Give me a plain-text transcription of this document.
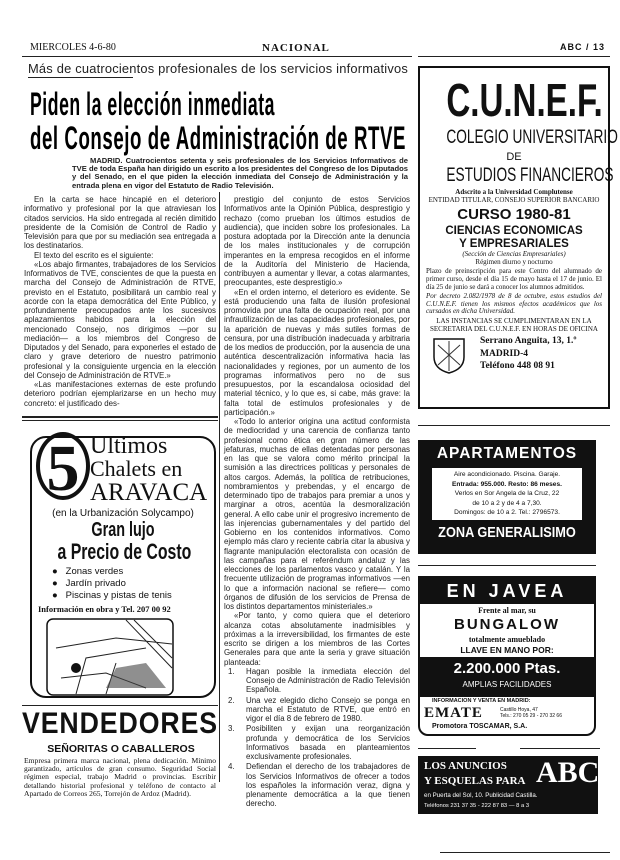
MIERCOLES 4-6-80	NACIONAL	ABC / 13
Más de cuatrocientos profesionales de los servicios informativos
Piden la elección inmediata
del Consejo de Administración de RTVE
MADRID. Cuatrocientos setenta y seis profesionales de los Servicios Informativos de TVE de toda España han dirigido un escrito a los presidentes del Congreso de los Diputados y del Senado, en el que piden la elección inmediata del Consejo de Administración y la entrada plena en vigor del Estatuto de Radio Televisión.

En la carta se hace hincapié en el deterioro informativo y profesional por la que atraviesan los citados servicios. Ha sido entregada al recién dimitido presidente de la Comisión de Control de Radio y Televisión para que por su mediación sea entregada a los destinatarios.

El texto del escrito es el siguiente:

«Los abajo firmantes, trabajadores de los Servicios Informativos de TVE, conscientes de que la puesta en marcha del Consejo de Administración de RTVE, previsto en el Estatuto, posibilitará un cambio real y acorde con la etapa democrática del Ente Público, y profundamente preocupados ante los sucesivos aplazamientos habidos para la elección del mencionado Consejo, nos dirigimos —por su mediación— a los miembros del Congreso de Diputados y del Senado, para exponerles el estado de claro y grave deterioro de nuestro patrimonio profesional y la consiguiente urgencia en la elección del Consejo de Administración de RTVE.»

«Las manifestaciones externas de este profundo deterioro podrían ejemplarizarse en un hecho muy concreto: el justificado des-

prestigio del conjunto de estos Servicios Informativos ante la Opinión Pública, desprestigio y rechazo (como prueban los últimos estudios de audiencia), que inciden sobre los profesionales. La postura adoptada por la Dirección ante la denuncia de los males institucionales y de corrupción imperantes en la empresa recogidos en el informe de la Auditoría del Ministerio de Hacienda, contribuyen a aumentar y llevar, a cotas alarmantes, preocupantes, este desprestigio.»

«En el orden interno, el deterioro es evidente. Se está produciendo una falta de ilusión profesional promovida por una falta de ocupación real, por una infrautilización de las capacidades profesionales, por la aparición de nuevas y más sutiles formas de censura, por una distribución inadecuada y arbitraria de los medios de producción, por la ausencia de una auténtica descentralización informativa hacia las nacionalidades y regiones, por un aumento de los programas informativos pero no de sus presupuestos, por la escandalosa ociosidad del material técnico, y lo que es, si cabe, más grave: la falta total de estímulos profesionales y de participación.»

«Todo lo anterior origina una actitud conformista de mediocridad y una carencia de confianza tanto profesional como ética en gran número de las jefaturas, muchas de ellas detentadas por personas en las que se valora como mérito principal la sumisión a las directrices políticas y personales de altos cargos. Además, la política de retribuciones, nombramientos y prebendas, y el encargo de determinado tipo de trabajos para premiar a unos y marginar a otros, acentúa la desmoralización general. A ello cabe unir el progresivo incremento de las injerencias gubernamentales y del partido del Gobierno en los contenidos informativos. Como ejemplo más claro y reciente cabría citar la abusiva y flagrante manipulación electoralista con ocasión de las campañas para el referéndum andaluz y las elecciones de los parlamentos vasco y catalán. Y la frecuente utilización de programas informativos —en lo que a información nacional se refiere— como órganos de difusión de los servicios de Prensa de los distintos departamentos ministeriales.»

«Por tanto, y como quiera que el deterioro alcanza cotas absolutamente inadmisibles y próximas a la irreversibilidad, los firmantes de este escrito se dirigen a los miembros de las Cortes Generales para que ante la seria y grave situación planteada:

1.	Hagan posible la inmediata elección del Consejo de Administración de Radio Televisión Española.
2.	Una vez elegido dicho Consejo se ponga en marcha el Estatuto de RTVE, que entró en vigor el día 8 de febrero de 1980.
3.	Posibiliten y exijan una reorganización profunda y democrática de los Servicios Informativos basada en planteamientos exclusivamente profesionales.
4.	Defiendan el derecho de los trabajadores de los Servicios Informativos de ofrecer a todos los españoles la información veraz, digna y plenamente democrática a la que tienen derecho.
5 Ultimos
Chalets en
ARAVACA
(en la Urbanización Solycampo)
Gran lujo
a Precio de Costo
●   Zonas verdes
●   Jardín privado
●   Piscinas y pistas de tenis
Información en obra y Tel. 207 00 92
VENDEDORES
SEÑORITAS O CABALLEROS
Empresa primera marca nacional, plena dedicación. Mínimo garantizado, artículos de gran consumo. Seguridad Social régimen especial, trabajo Madrid o provincias. Escribir detallando historial profesional y teléfono de contacto al Apartado de Correos 265, Torrejón de Ardoz (Madrid).
C.U.N.E.F.
COLEGIO UNIVERSITARIO
DE
ESTUDIOS FINANCIEROS
Adscrito a la Universidad Complutense
ENTIDAD TITULAR, CONSEJO SUPERIOR BANCARIO
CURSO 1980-81
CIENCIAS ECONOMICAS
Y EMPRESARIALES
(Sección de Ciencias Empresariales)
Régimen diurno y nocturno
Plazo de preinscripción para este Centro del alumnado de primer curso, desde el día 15 de mayo hasta el 17 de junio. El día 25 de junio se dará a conocer los alumnos admitidos.
Por decreto 2.082/1978 de 8 de octubre, estos estudios del C.U.N.E.F. tienen los mismos efectos académicos que los cursados en dicha Universidad.
LAS INSTANCIAS SE CUMPLIMENTARAN EN LA SECRETARIA DEL C.U.N.E.F. EN HORAS DE OFICINA
Serrano Anguita, 13, 1.º
MADRID-4
Teléfono 448 08 91
APARTAMENTOS
Aire acondicionado. Piscina. Garaje.
Entrada: 955.000. Resto: 86 meses.
Verlos en Sor Angela de la Cruz, 22
de 10 a 2 y de 4 a 7,30.
Domingos: de 10 a 2. Tel.: 2796573.
ZONA GENERALISIMO
EN JAVEA
Frente al mar, su
BUNGALOW
totalmente amueblado
LLAVE EN MANO POR:
2.200.000 Ptas.
AMPLIAS FACILIDADES
INFORMACION Y VENTA EN MADRID:
EMATE	Castillo Hoya, 47
Tels.: 270 05 29 - 270 32 66
Promotora TOSCAMAR, S.A.
LOS ANUNCIOS
Y ESQUELAS PARA ABC
en Puerta del Sol, 10. Publicidad Castilla.
Teléfonos 231 37 35 - 222 87 83 — 8 a 3
